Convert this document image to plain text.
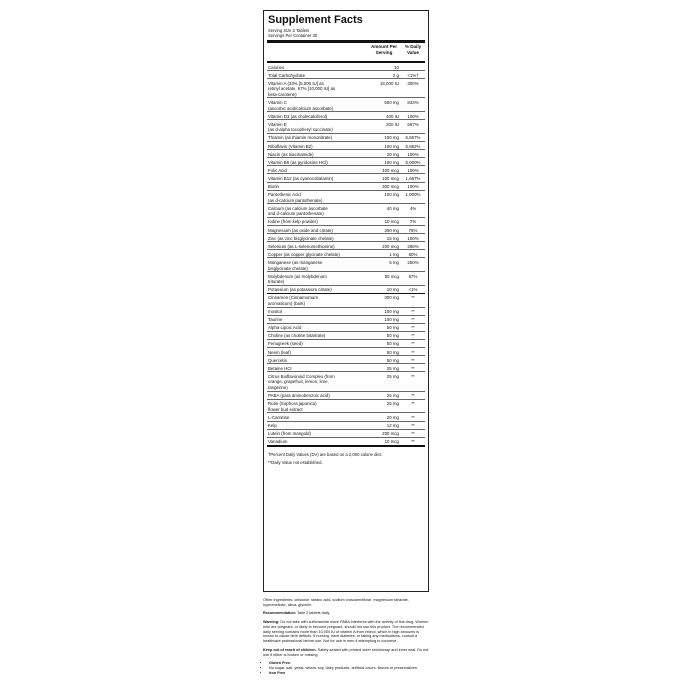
Supplement Facts
Serving Size 2 Tablets
Servings Per Container 30
Amount Per
Serving
% Daily
Value
Calories	10
Total Carbohydrate	2 g	<1%†
Vitamin A (33% [5,000 IU] as
retinyl acetate, 67% [10,000 IU] as
beta-carotene)
15,000 IU	300%
Vitamin C
(ascorbic acid/calcium ascorbate)
500 mg	833%
Vitamin D3 (as cholecalciferol)	400 IU	100%
Vitamin E
(as d-alpha tocopheryl succinate)
200 IU	667%
Thiamin (as thiamin mononitrate)	100 mg	6,667%
Riboflavin (Vitamin B2)	100 mg	5,882%
Niacin (as niacinamide)	20 mg	100%
Vitamin B6 (as pyridoxine HCl)	100 mg	5,000%
Folic Acid	400 mcg	100%
Vitamin B12 (as cyanocobalamin)	100 mcg	1,667%
Biotin	300 mcg	100%
Pantothenic Acid
(as d-calcium pantothenate)
100 mg	1,000%
Calcium (as calcium ascorbate
and d-calcium pantothenate)
40 mg	4%
Iodine (from kelp powder)	10 mcg	7%
Magnesium (as oxide and citrate)	300 mg	75%
Zinc (as zinc bisglycinate chelate)	15 mg	100%
Selenium (as L-selenomethionine)	200 mcg	286%
Copper (as copper glycinate chelate)	1 mg	50%
Manganese (as manganese
bisglycinate chelate)
5 mg	250%
Molybdenum (as molybdenum
triturate)
50 mcg	67%
Potassium (as potassium citrate)	10 mg	<1%
Cinnamon (Cinnamomum
aromaticum) (bark)
300 mg	**
Inositol	100 mg	**
Taurine	100 mg	**
Alpha Lipoic Acid	50 mg	**
Choline (as choline bitartrate)	50 mg	**
Fenugreek (seed)	50 mg	**
Neem (leaf)	50 mg	**
Quercetin	50 mg	**
Betaine HCl	25 mg	**
Citrus Bioflavonoid Complex (from
orange, grapefruit, lemon, lime,
tangerine)
25 mg	**
PABA (para aminobenzoic acid)	25 mg	**
Rutin (Sophora japonica)
flower bud extract
25 mg	**
L-Carnitine	20 mg	**
Kelp	12 mg	**
Lutein (from marigold)	200 mcg	**
Vanadium	10 mcg	**

†Percent Daily Values (DV) are based on a 2,000 calorie diet.

**Daily Value not established.

Other ingredients: cellulose, stearic acid, sodium croscarmellose, magnesium stearate, hypromellose, silica, glycerin.

Recommendation: Take 2 tablets daily.

Warning: Do not take with sulfonamide since PABA interferes with the activity of this drug. Women who are pregnant, or likely to become pregnant, should not use this product. The recommended daily serving contains more than 10,000 IU of vitamin A from retinol, which in high amounts is known to cause birth defects. If nursing, have diabetes, or taking any medications, consult a healthcare professional before use. Not for use in men if attempting to conceive.

Keep out of reach of children. Safety sealed with printed outer shrinkwrap and inner seal. Do not use if either is broken or missing.

• Gluten Free.
• No sugar, salt, yeast, wheat, soy, dairy products, artificial colors, flavors or preservatives.
• Iron Free
